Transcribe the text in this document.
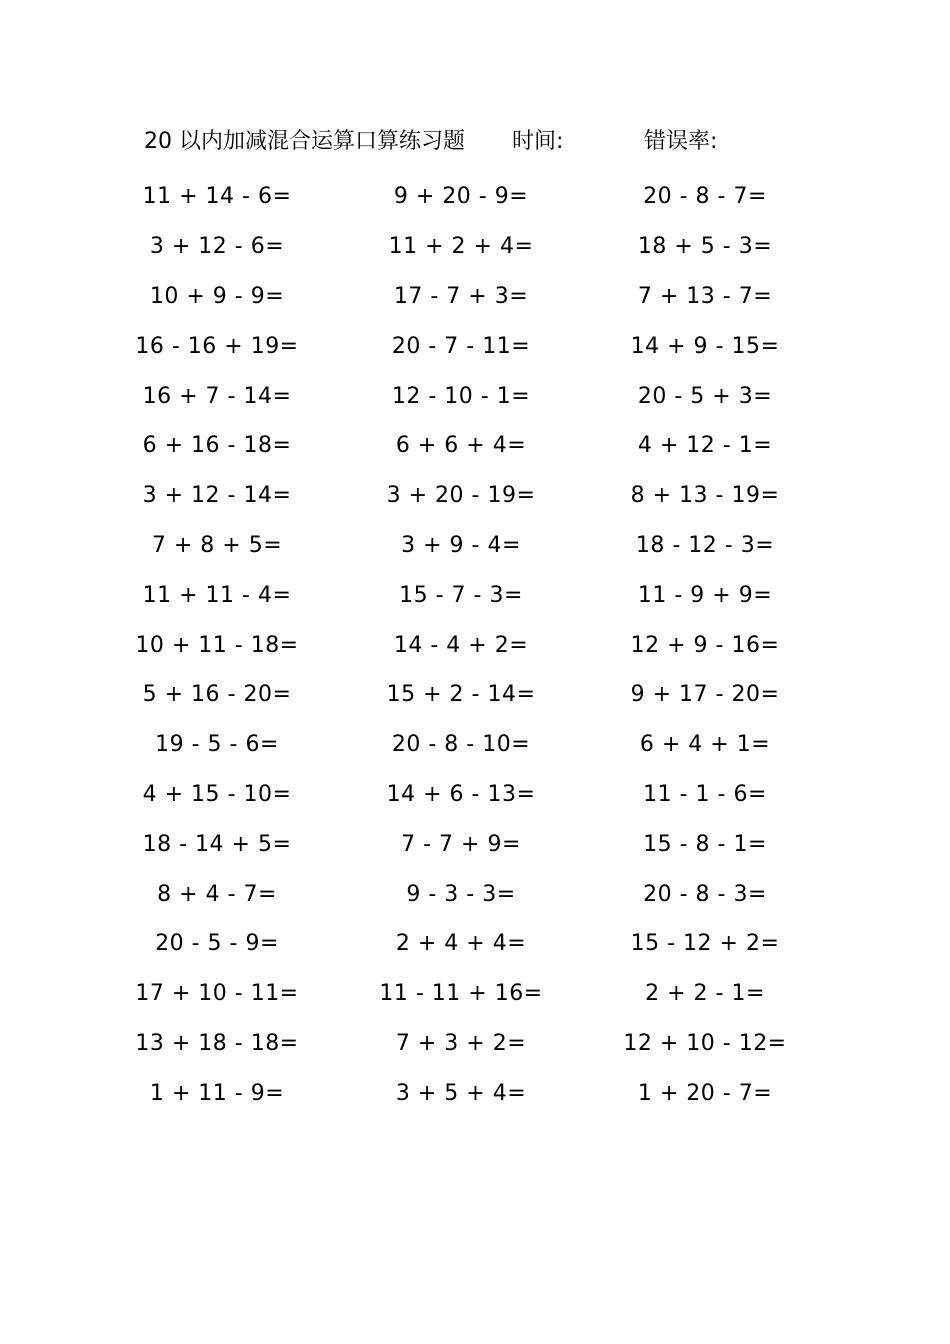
20 以内加减混合运算口算练习题 时间:	错误率:
11 + 14 - 6=	9 + 20 - 9=	20 - 8 - 7=
3 + 12 - 6=	11 + 2 + 4=	18 + 5 - 3=
10 + 9 - 9=	17 - 7 + 3=	7 + 13 - 7=
16 - 16 + 19=	20 - 7 - 11=	14 + 9 - 15=
16 + 7 - 14=	12 - 10 - 1=	20 - 5 + 3=
6 + 16 - 18=	6 + 6 + 4=	4 + 12 - 1=
3 + 12 - 14=	3 + 20 - 19=	8 + 13 - 19=
7 + 8 + 5=	3 + 9 - 4=	18 - 12 - 3=
11 + 11 - 4=	15 - 7 - 3=	11 - 9 + 9=
10 + 11 - 18=	14 - 4 + 2=	12 + 9 - 16=
5 + 16 - 20=	15 + 2 - 14=	9 + 17 - 20=
19 - 5 - 6=	20 - 8 - 10=	6 + 4 + 1=
4 + 15 - 10=	14 + 6 - 13=	11 - 1 - 6=
18 - 14 + 5=	7 - 7 + 9=	15 - 8 - 1=
8 + 4 - 7=	9 - 3 - 3=	20 - 8 - 3=
20 - 5 - 9=	2 + 4 + 4=	15 - 12 + 2=
17 + 10 - 11=	11 - 11 + 16=	2 + 2 - 1=
13 + 18 - 18=	7 + 3 + 2=	12 + 10 - 12=
1 + 11 - 9=	3 + 5 + 4=	1 + 20 - 7=
